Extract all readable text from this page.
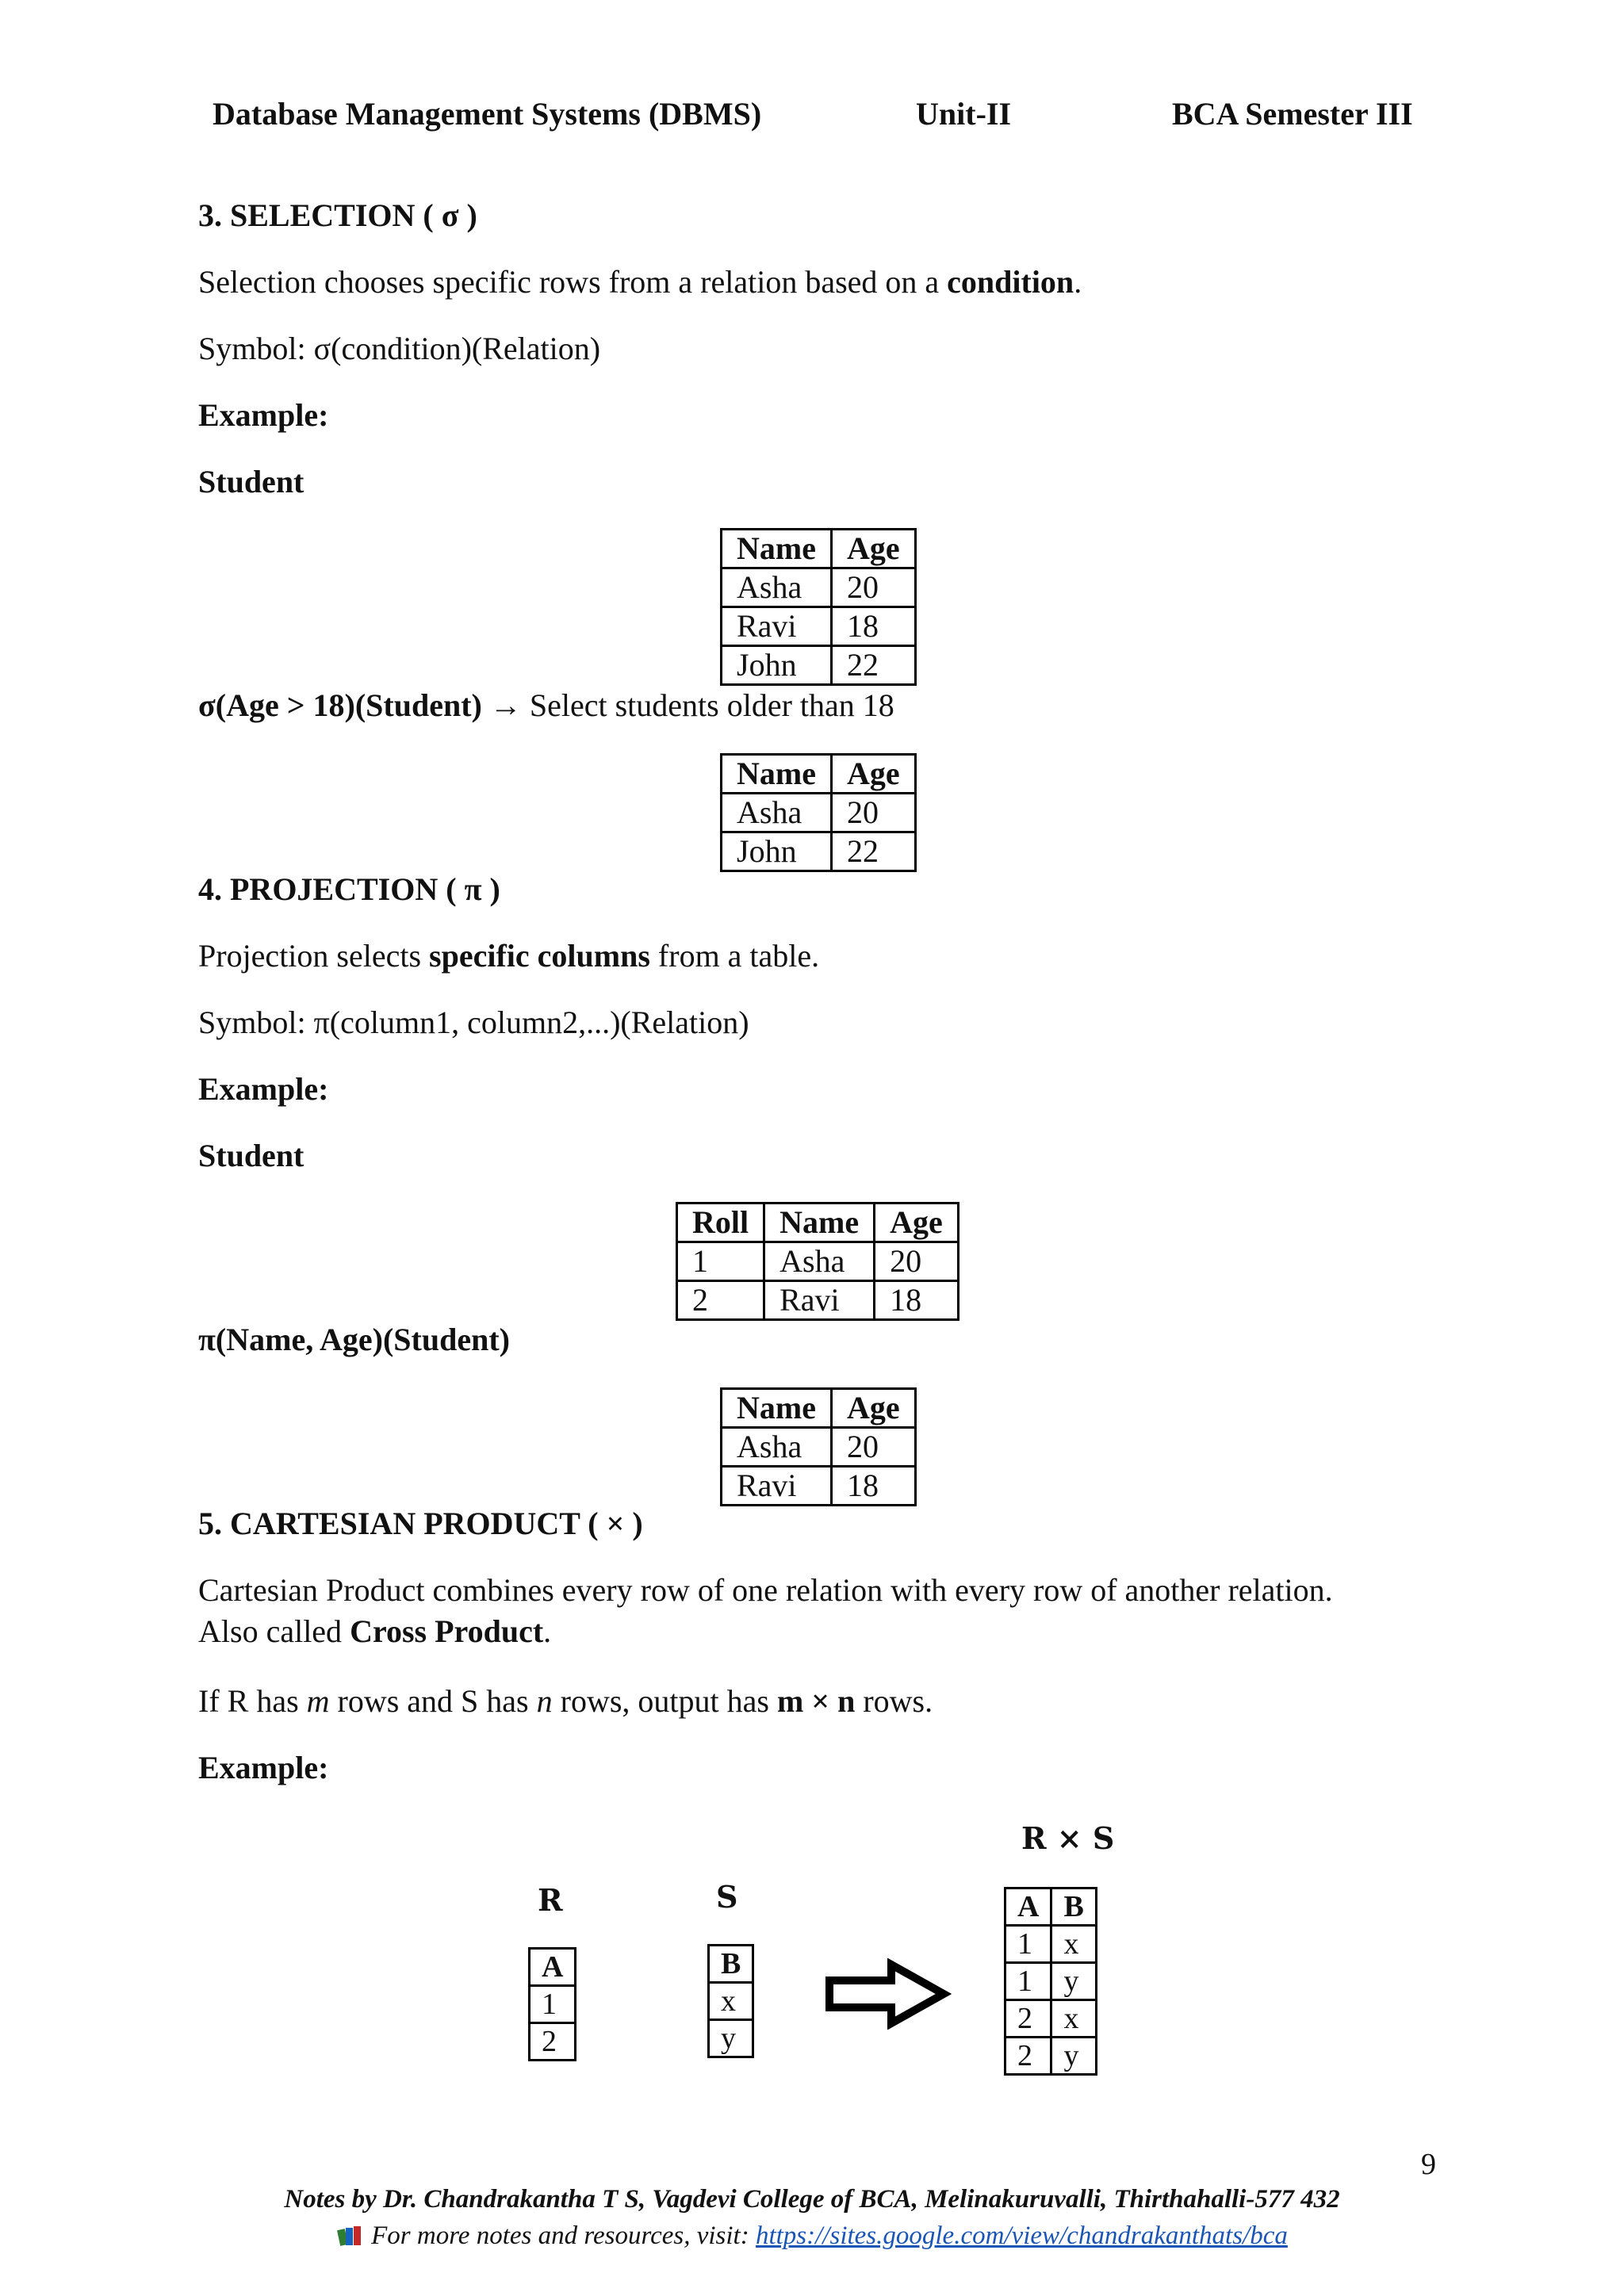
Database Management Systems (DBMS)	Unit-II	BCA Semester III
3. SELECTION ( σ )
Selection chooses specific rows from a relation based on a condition.
Symbol: σ(condition)(Relation)
Example:
Student
Name	Age
Asha	20
Ravi	18
John	22
σ(Age > 18)(Student) → Select students older than 18
Name	Age
Asha	20
John	22
4. PROJECTION ( π )
Projection selects specific columns from a table.
Symbol: π(column1, column2,...)(Relation)
Example:
Student
Roll	Name	Age
1	Asha	20
2	Ravi	18
π(Name, Age)(Student)
Name	Age
Asha	20
Ravi	18
5. CARTESIAN PRODUCT ( × )
Cartesian Product combines every row of one relation with every row of another relation.
Also called Cross Product.
If R has m rows and S has n rows, output has m × n rows.
Example:
R × S
R	S
A
1
2
B
x
y
A	B
1	x
1	y
2	x
2	y
9
Notes by Dr. Chandrakantha T S, Vagdevi College of BCA, Melinakuruvalli, Thirthahalli-577 432
For more notes and resources, visit: https://sites.google.com/view/chandrakanthats/bca
